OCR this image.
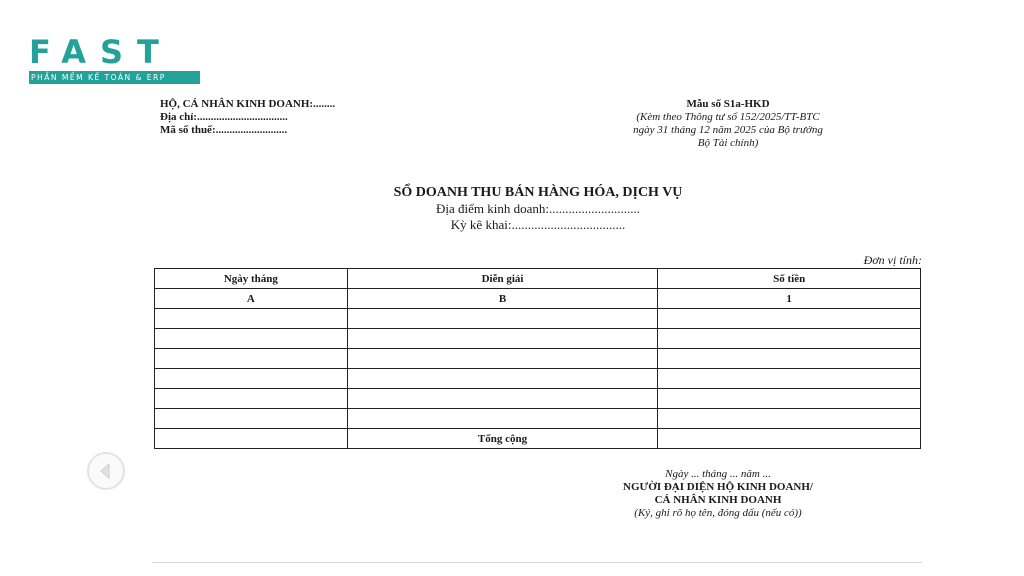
FAST
PHẦN MỀM KẾ TOÁN & ERP
HỘ, CÁ NHÂN KINH DOANH:........
Địa chỉ:.................................
Mã số thuế:..........................
Mẫu số S1a-HKD
(Kèm theo Thông tư số 152/2025/TT-BTC
ngày 31 tháng 12 năm 2025 của Bộ trưởng
Bộ Tài chính)
SỔ DOANH THU BÁN HÀNG HÓA, DỊCH VỤ
Địa điểm kinh doanh:............................
Kỳ kê khai:...................................
Đơn vị tính:
Ngày tháng	Diễn giải	Số tiền
A	B	1

	Tổng cộng	
Ngày ... tháng ... năm ...
NGƯỜI ĐẠI DIỆN HỘ KINH DOANH/
CÁ NHÂN KINH DOANH
(Ký, ghi rõ họ tên, đóng dấu (nếu có))
